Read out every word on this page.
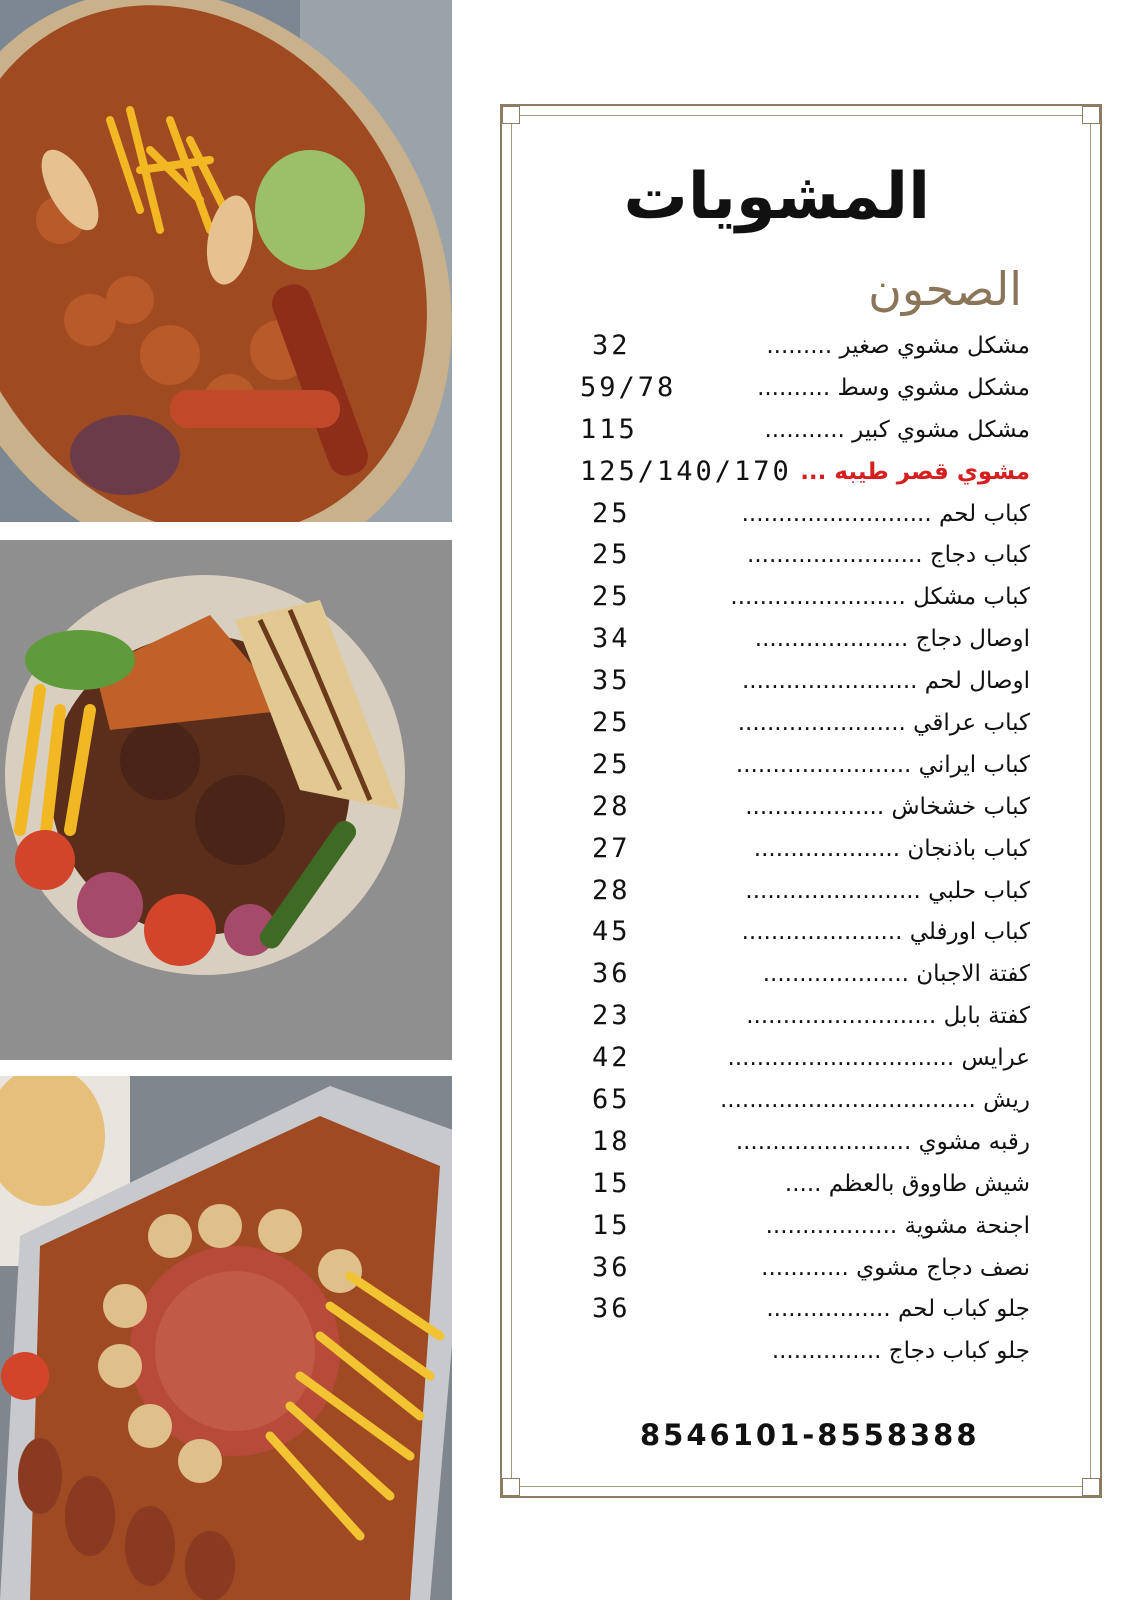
المشويات
الصحون
مشكل مشوي صغير .........
32
مشكل مشوي وسط ..........
59/78
مشكل مشوي كبير ...........
115
مشوي قصر طيبه ...
125/140/170
كباب لحم ..........................
25
كباب دجاج ........................
25
كباب مشكل ........................
25
اوصال دجاج .....................
34
اوصال لحم ........................
35
كباب عراقي .......................
25
كباب ايراني ........................
25
كباب خشخاش ...................
28
كباب باذنجان ....................
27
كباب حلبي ........................
28
كباب اورفلي ......................
45
كفتة الاجبان ....................
36
كفتة بابل ..........................
23
عرايس ...............................
42
ريش ...................................
65
رقبه مشوي ........................
18
شيش طاووق بالعظم .....
15
اجنحة مشوية ..................
15
نصف دجاج مشوي ............
36
جلو كباب لحم .................
36
جلو كباب دجاج ...............
8546101-8558388
